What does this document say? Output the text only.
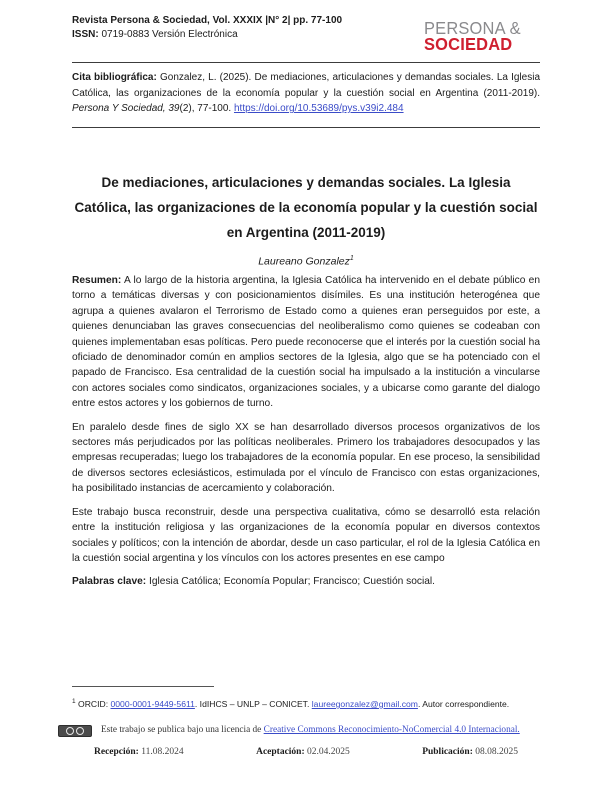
Revista Persona & Sociedad, Vol. XXXIX |N° 2| pp. 77-100
ISSN: 0719-0883 Versión Electrónica	PERSONA &
SOCIEDAD
Cita bibliográfica: Gonzalez, L. (2025). De mediaciones, articulaciones y demandas sociales. La Iglesia Católica, las organizaciones de la economía popular y la cuestión social en Argentina (2011-2019). Persona Y Sociedad, 39(2), 77-100. https://doi.org/10.53689/pys.v39i2.484
De mediaciones, articulaciones y demandas sociales. La Iglesia Católica, las organizaciones de la economía popular y la cuestión social en Argentina (2011-2019)
Laureano Gonzalez$^1$

Resumen: A lo largo de la historia argentina, la Iglesia Católica ha intervenido en el debate público en torno a temáticas diversas y con posicionamientos disímiles. Es una institución heterogénea que agrupa a quienes avalaron el Terrorismo de Estado como a quienes eran perseguidos por este, a quienes denunciaban las graves consecuencias del neoliberalismo como quienes se codeaban con quienes implementaban esas políticas. Pero puede reconocerse que el interés por la cuestión social ha oficiado de denominador común en amplios sectores de la Iglesia, algo que se ha potenciado con el papado de Francisco. Esa centralidad de la cuestión social ha impulsado a la institución a vincularse con actores sociales como sindicatos, organizaciones sociales, y a ubicarse como garante del dialogo entre estos actores y los gobiernos de turno.

En paralelo desde fines de siglo XX se han desarrollado diversos procesos organizativos de los sectores más perjudicados por las políticas neoliberales. Primero los trabajadores desocupados y las empresas recuperadas; luego los trabajadores de la economía popular. En ese proceso, la sensibilidad de diversos sectores eclesiásticos, estimulada por el vínculo de Francisco con estas organizaciones, ha posibilitado instancias de acercamiento y colaboración.

Este trabajo busca reconstruir, desde una perspectiva cualitativa, cómo se desarrolló esta relación entre la institución religiosa y las organizaciones de la economía popular en diversos contextos sociales y políticos; con la intención de abordar, desde un caso particular, el rol de la Iglesia Católica en la cuestión social argentina y los vínculos con los actores presentes en ese campo

Palabras clave: Iglesia Católica; Economía Popular; Francisco; Cuestión social.

$^1$ ORCID: 0000-0001-9449-5611. IdIHCS – UNLP – CONICET. laureegonzalez@gmail.com. Autor correspondiente.
Este trabajo se publica bajo una licencia de Creative Commons Reconocimiento-NoComercial 4.0 Internacional.
Recepción: 11.08.2024	Aceptación: 02.04.2025	Publicación: 08.08.2025
